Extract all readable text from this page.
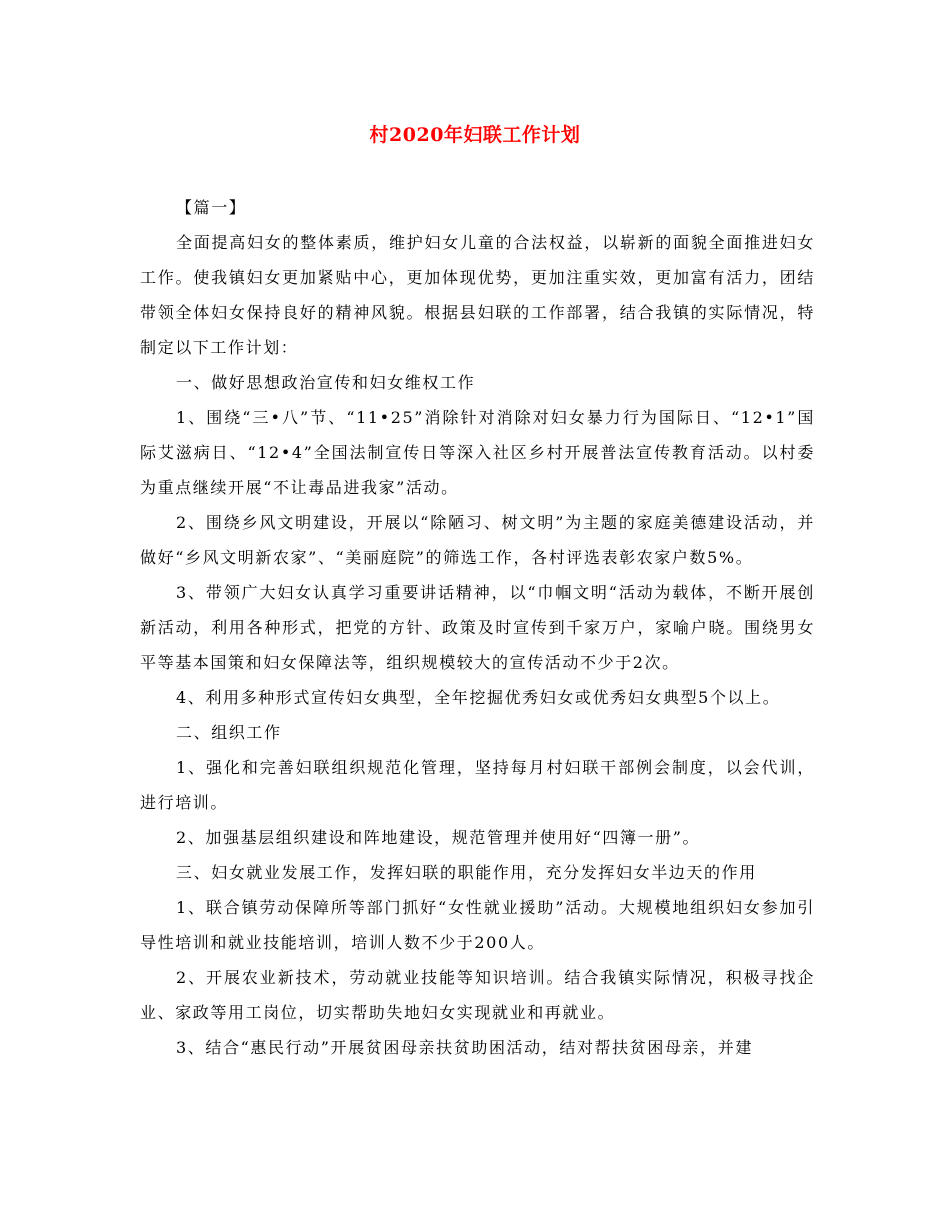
村2020年妇联工作计划

【篇一】

全面提高妇女的整体素质，维护妇女儿童的合法权益，以崭新的面貌全面推进妇女工作。使我镇妇女更加紧贴中心，更加体现优势，更加注重实效，更加富有活力，团结带领全体妇女保持良好的精神风貌。根据县妇联的工作部署，结合我镇的实际情况，特制定以下工作计划：

一、做好思想政治宣传和妇女维权工作

1、围绕“三•八”节、“11•25”消除针对消除对妇女暴力行为国际日、“12•1”国际艾滋病日、“12•4”全国法制宣传日等深入社区乡村开展普法宣传教育活动。以村委为重点继续开展“不让毒品进我家”活动。

2、围绕乡风文明建设，开展以“除陋习、树文明”为主题的家庭美德建设活动，并做好“乡风文明新农家”、“美丽庭院”的筛选工作，各村评选表彰农家户数5%。

3、带领广大妇女认真学习重要讲话精神，以“巾帼文明“活动为载体，不断开展创新活动，利用各种形式，把党的方针、政策及时宣传到千家万户，家喻户晓。围绕男女平等基本国策和妇女保障法等，组织规模较大的宣传活动不少于2次。

4、利用多种形式宣传妇女典型，全年挖掘优秀妇女或优秀妇女典型5个以上。

二、组织工作

1、强化和完善妇联组织规范化管理，坚持每月村妇联干部例会制度，以会代训，进行培训。

2、加强基层组织建设和阵地建设，规范管理并使用好“四簿一册”。

三、妇女就业发展工作，发挥妇联的职能作用，充分发挥妇女半边天的作用

1、联合镇劳动保障所等部门抓好“女性就业援助”活动。大规模地组织妇女参加引导性培训和就业技能培训，培训人数不少于200人。

2、开展农业新技术，劳动就业技能等知识培训。结合我镇实际情况，积极寻找企业、家政等用工岗位，切实帮助失地妇女实现就业和再就业。

3、结合“惠民行动”开展贫困母亲扶贫助困活动，结对帮扶贫困母亲，并建
